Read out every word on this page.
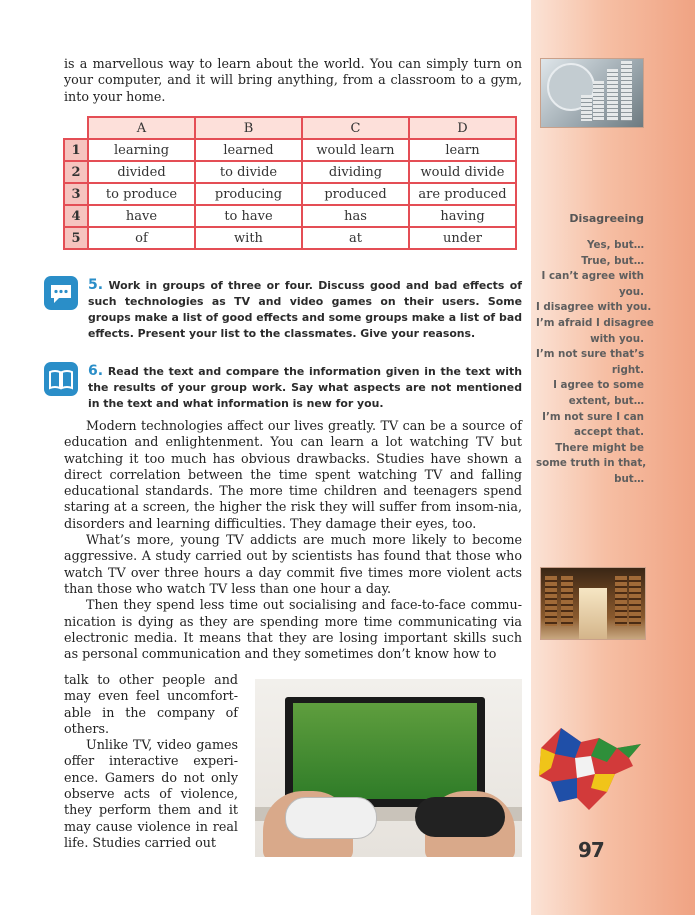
Disagreeing
Yes, but…
True, but…
I can’t agree with
you.
I disagree with you.
I’m afraid I disagree
with you.
I’m not sure that’s
right.
I agree to some
extent, but…
I’m not sure I can
accept that.
There might be
some truth in that,
but…
97
is a marvellous way to learn about the world. You can simply turn on your computer, and it will bring anything, from a classroom to a gym, into your home.
	A	B	C	D
1	learning	learned	would learn	learn
2	divided	to divide	dividing	would divide
3	to produce	producing	produced	are produced
4	have	to have	has	having
5	of	with	at	under
5. Work in groups of three or four. Discuss good and bad effects of such technologies as TV and video games on their users. Some groups make a list of good effects and some groups make a list of bad effects. Present your list to the classmates. Give your reasons.
6. Read the text and compare the information given in the text with the results of your group work. Say what aspects are not mentioned in the text and what information is new for you.

Modern technologies affect our lives greatly. TV can be a source of education and enlightenment. You can learn a lot watching TV but watching it too much has obvious drawbacks. Studies have shown a direct correlation between the time spent watching TV and falling educational standards. The more time children and teenagers spend staring at a screen, the higher the risk they will suffer from insom-nia, disorders and learning difficulties. They damage their eyes, too.

What’s more, young TV addicts are much more likely to become aggressive. A study carried out by scientists has found that those who watch TV over three hours a day commit five times more violent acts than those who watch TV less than one hour a day.

Then they spend less time out socialising and face-to-face commu-nication is dying as they are spending more time communicating via electronic media. It means that they are losing important skills such as personal communication and they sometimes don’t know how to

talk to other people and may even feel uncomfort-able in the company of others.

Unlike TV, video games offer interactive experi-ence. Gamers do not only observe acts of violence, they perform them and it may cause violence in real life. Studies carried out
